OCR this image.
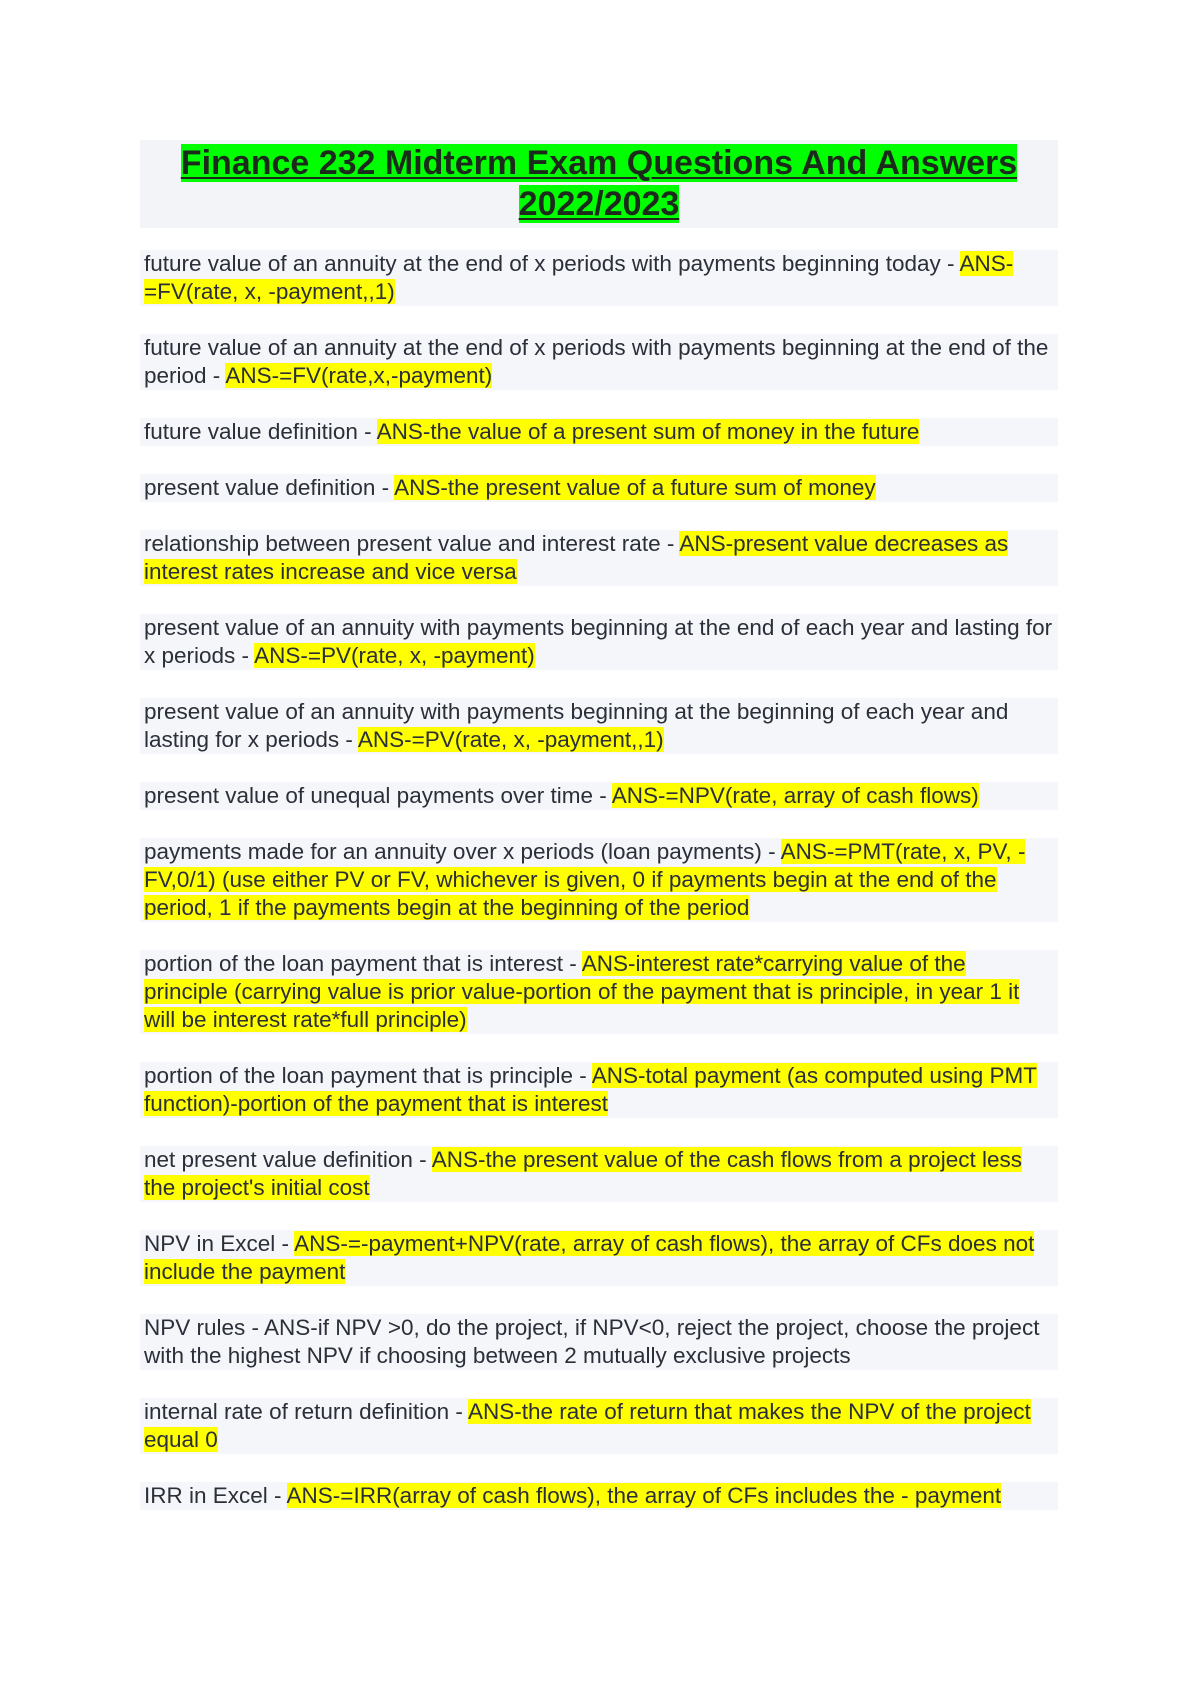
Finance 232 Midterm Exam Questions And Answers
2022/2023
future value of an annuity at the end of x periods with payments beginning today - ANS-=FV(rate, x, -payment,,1)
future value of an annuity at the end of x periods with payments beginning at the end of the period - ANS-=FV(rate,x,-payment)
future value definition - ANS-the value of a present sum of money in the future
present value definition - ANS-the present value of a future sum of money
relationship between present value and interest rate - ANS-present value decreases as interest rates increase and vice versa
present value of an annuity with payments beginning at the end of each year and lasting for x periods - ANS-=PV(rate, x, -payment)
present value of an annuity with payments beginning at the beginning of each year and lasting for x periods - ANS-=PV(rate, x, -payment,,1)
present value of unequal payments over time - ANS-=NPV(rate, array of cash flows)
payments made for an annuity over x periods (loan payments) - ANS-=PMT(rate, x, PV, -FV,0/1) (use either PV or FV, whichever is given, 0 if payments begin at the end of the period, 1 if the payments begin at the beginning of the period
portion of the loan payment that is interest - ANS-interest rate*carrying value of the principle (carrying value is prior value-portion of the payment that is principle, in year 1 it will be interest rate*full principle)
portion of the loan payment that is principle - ANS-total payment (as computed using PMT function)-portion of the payment that is interest
net present value definition - ANS-the present value of the cash flows from a project less the project's initial cost
NPV in Excel - ANS-=-payment+NPV(rate, array of cash flows), the array of CFs does not include the payment
NPV rules - ANS-if NPV >0, do the project, if NPV<0, reject the project, choose the project with the highest NPV if choosing between 2 mutually exclusive projects
internal rate of return definition - ANS-the rate of return that makes the NPV of the project equal 0
IRR in Excel - ANS-=IRR(array of cash flows), the array of CFs includes the - payment
